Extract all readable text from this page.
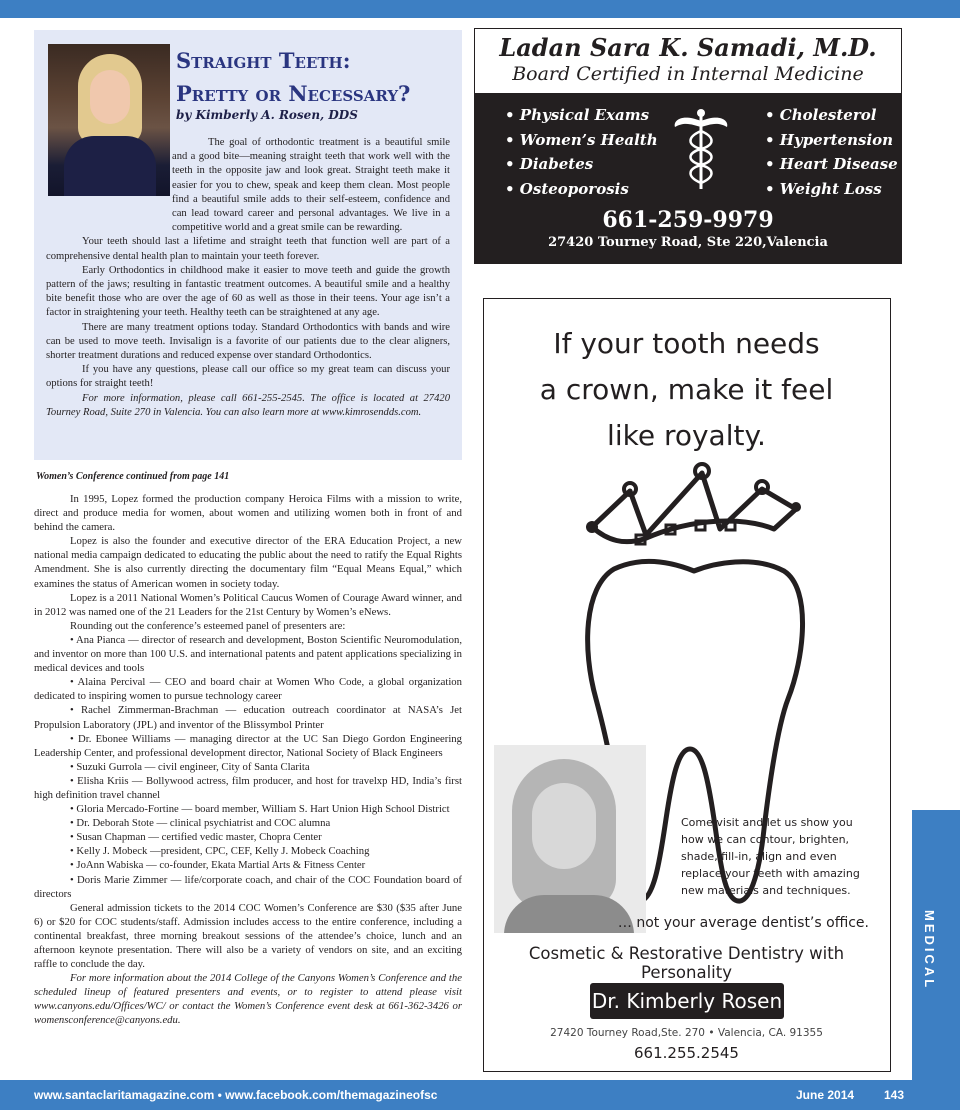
Straight Teeth:
Pretty or Necessary?
by Kimberly A. Rosen, DDS

The goal of orthodontic treatment is a beautiful smile and a good bite—meaning straight teeth that work well with the teeth in the opposite jaw and look great. Straight teeth make it easier for you to chew, speak and keep them clean. Most people find a beautiful smile adds to their self-esteem, confidence and can lead toward career and personal advantages. We live in a competitive world and a great smile can be rewarding.

Your teeth should last a lifetime and straight teeth that function well are part of a comprehensive dental health plan to maintain your teeth forever.

Early Orthodontics in childhood make it easier to move teeth and guide the growth pattern of the jaws; resulting in fantastic treatment outcomes. A beautiful smile and a healthy bite benefit those who are over the age of 60 as well as those in their teens. Your age isn’t a factor in straightening your teeth. Healthy teeth can be straightened at any age.

There are many treatment options today. Standard Orthodontics with bands and wire can be used to move teeth. Invisalign is a favorite of our patients due to the clear aligners, shorter treatment durations and reduced expense over standard Orthodontics.

If you have any questions, please call our office so my great team can discuss your options for straight teeth!

For more information, please call 661-255-2545. The office is located at 27420 Tourney Road, Suite 270 in Valencia. You can also learn more at www.kimrosendds.com.

Women’s Conference continued from page 141

In 1995, Lopez formed the production company Heroica Films with a mission to write, direct and produce media for women, about women and utilizing women both in front of and behind the camera.

Lopez is also the founder and executive director of the ERA Education Project, a new national media campaign dedicated to educating the public about the need to ratify the Equal Rights Amendment. She is also currently directing the documentary film “Equal Means Equal,” which examines the status of American women in society today.

Lopez is a 2011 National Women’s Political Caucus Women of Courage Award winner, and in 2012 was named one of the 21 Leaders for the 21st Century by Women’s eNews.

Rounding out the conference’s esteemed panel of presenters are:

• Ana Pianca — director of research and development, Boston Scientific Neuromodulation, and inventor on more than 100 U.S. and international patents and patent applications specializing in medical devices and tools

• Alaina Percival — CEO and board chair at Women Who Code, a global organization dedicated to inspiring women to pursue technology career

• Rachel Zimmerman-Brachman — education outreach coordinator at NASA’s Jet Propulsion Laboratory (JPL) and inventor of the Blissymbol Printer

• Dr. Ebonee Williams — managing director at the UC San Diego Gordon Engineering Leadership Center, and professional development director, National Society of Black Engineers

• Suzuki Gurrola — civil engineer, City of Santa Clarita

• Elisha Kriis — Bollywood actress, film producer, and host for travelxp HD, India’s first high definition travel channel

• Gloria Mercado-Fortine — board member, William S. Hart Union High School District

• Dr. Deborah Stote — clinical psychiatrist and COC alumna

• Susan Chapman — certified vedic master, Chopra Center

• Kelly J. Mobeck —president, CPC, CEF, Kelly J. Mobeck Coaching

• JoAnn Wabiska — co-founder, Ekata Martial Arts & Fitness Center

• Doris Marie Zimmer — life/corporate coach, and chair of the COC Foundation board of directors

General admission tickets to the 2014 COC Women’s Conference are $30 ($35 after June 6) or $20 for COC students/staff. Admission includes access to the entire conference, including a continental breakfast, three morning breakout sessions of the attendee’s choice, lunch and an afternoon keynote presentation. There will also be a variety of vendors on site, and an exciting raffle to conclude the day.

For more information about the 2014 College of the Canyons Women’s Conference and the scheduled lineup of featured presenters and events, or to register to attend please visit www.canyons.edu/Offices/WC/ or contact the Women’s Conference event desk at 661-362-3426 or womensconference@canyons.edu.

Ladan Sara K. Samadi, M.D.
Board Certified in Internal Medicine
• Physical Exams
• Women’s Health
• Diabetes
• Osteoporosis
• Cholesterol
• Hypertension
• Heart Disease
• Weight Loss
661-259-9979
27420 Tourney Road, Ste 220,Valencia
If your tooth needs
a crown, make it feel
like royalty.
Come visit and let us show you
how we can contour, brighten,
shade, fill-in, align and even
replace your teeth with amazing
new materials and techniques.
… not your average dentist’s office.
Cosmetic & Restorative Dentistry with Personality
Dr. Kimberly Rosen
27420 Tourney Road,Ste. 270 • Valencia, CA. 91355
661.255.2545
MEDICAL
www.santaclaritamagazine.com • www.facebook.com/themagazineofsc	June 2014 143
